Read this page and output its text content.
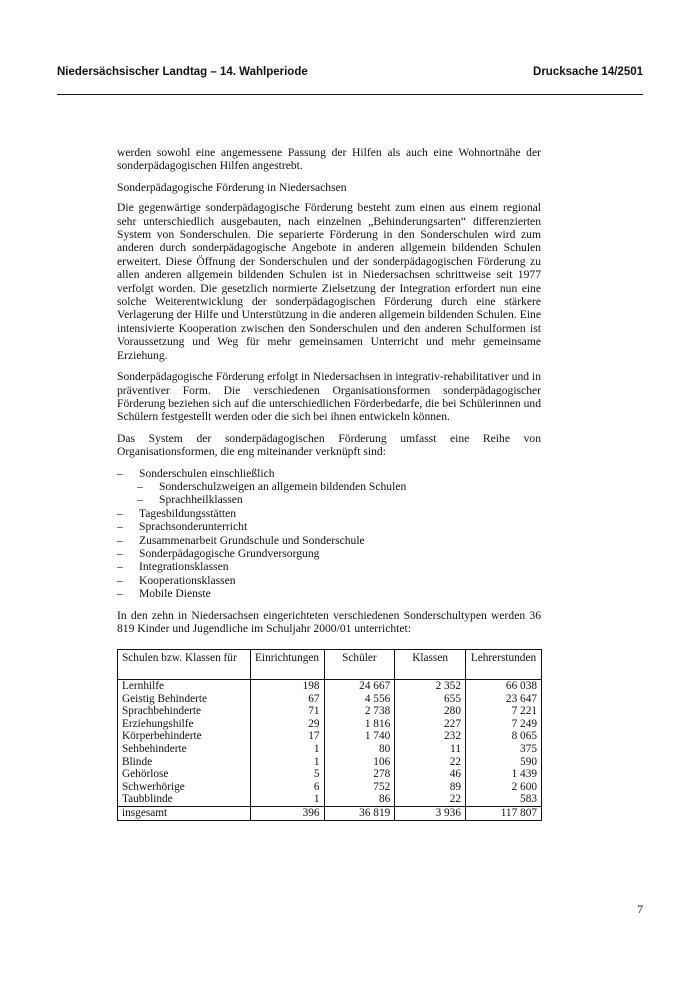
Niedersächsischer Landtag – 14. Wahlperiode	Drucksache 14/2501

werden sowohl eine angemessene Passung der Hilfen als auch eine Wohnortnähe der sonderpädagogischen Hilfen angestrebt.

Sonderpädagogische Förderung in Niedersachsen

Die gegenwärtige sonderpädagogische Förderung besteht zum einen aus einem regional sehr unterschiedlich ausgebauten, nach einzelnen „Behinderungsarten“ differenzierten System von Sonderschulen. Die separierte Förderung in den Sonderschulen wird zum anderen durch sonderpädagogische Angebote in anderen allgemein bildenden Schulen erweitert. Diese Öffnung der Sonderschulen und der sonderpädagogischen Förderung zu allen anderen allgemein bildenden Schulen ist in Niedersachsen schrittweise seit 1977 verfolgt worden. Die gesetzlich normierte Zielsetzung der Integration erfordert nun eine solche Weiterentwicklung der sonderpädagogischen Förderung durch eine stärkere Verlagerung der Hilfe und Unterstützung in die anderen allgemein bildenden Schulen. Eine intensivierte Kooperation zwischen den Sonderschulen und den anderen Schulformen ist Voraussetzung und Weg für mehr gemeinsamen Unterricht und mehr gemeinsame Erziehung.

Sonderpädagogische Förderung erfolgt in Niedersachsen in integrativ-rehabilitativer und in präventiver Form. Die verschiedenen Organisationsformen sonderpädagogischer Förderung beziehen sich auf die unterschiedlichen Förderbedarfe, die bei Schülerinnen und Schülern festgestellt werden oder die sich bei ihnen entwickeln können.

Das System der sonderpädagogischen Förderung umfasst eine Reihe von Organisationsformen, die eng miteinander verknüpft sind:

– Sonderschulen einschließlich
– Sonderschulzweigen an allgemein bildenden Schulen
– Sprachheilklassen
– Tagesbildungsstätten
– Sprachsonderunterricht
– Zusammenarbeit Grundschule und Sonderschule
– Sonderpädagogische Grundversorgung
– Integrationsklassen
– Kooperationsklassen
– Mobile Dienste

In den zehn in Niedersachsen eingerichteten verschiedenen Sonderschultypen werden 36 819 Kinder und Jugendliche im Schuljahr 2000/01 unterrichtet:

Schulen bzw. Klassen für	Einrichtungen	Schüler	Klassen	Lehrerstunden
Lernhilfe	198	24 667	2 352	66 038
Geistig Behinderte	67	4 556	655	23 647
Sprachbehinderte	71	2 738	280	7 221
Erziehungshilfe	29	1 816	227	7 249
Körperbehinderte	17	1 740	232	8 065
Sehbehinderte	1	80	11	375
Blinde	1	106	22	590
Gehörlose	5	278	46	1 439
Schwerhörige	6	752	89	2 600
Taubblinde	1	86	22	583
insgesamt	396	36 819	3 936	117 807
7
